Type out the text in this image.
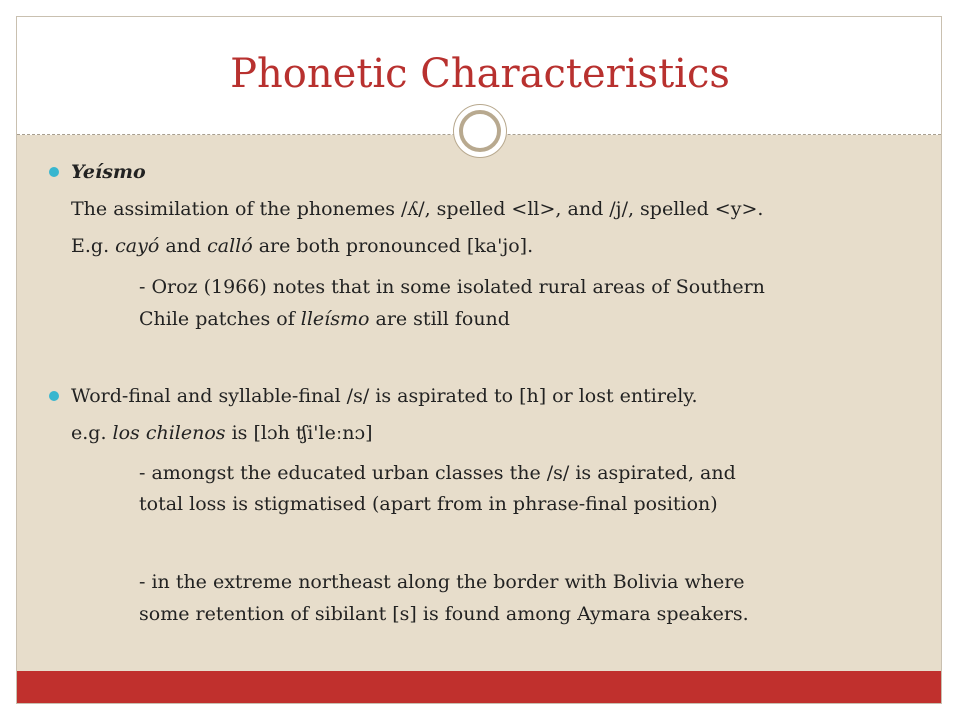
Phonetic Characteristics
Yeísmo
The assimilation of the phonemes /ʎ/, spelled <ll>, and /j/, spelled <y>.
E.g. cayó and calló are both pronounced [ka'jo].
- Oroz (1966) notes that in some isolated rural areas of Southern
Chile patches of lleísmo are still found
Word-final and syllable-final /s/ is aspirated to [h] or lost entirely.
e.g. los chilenos is [lɔh ʧi'leːnɔ]
- amongst the educated urban classes the /s/ is aspirated, and
total loss is stigmatised (apart from in phrase-final position)
- in the extreme northeast along the border with Bolivia where
some retention of sibilant [s] is found among Aymara speakers.
